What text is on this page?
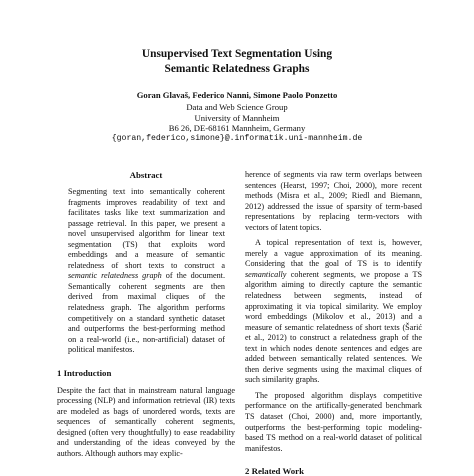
Unsupervised Text Segmentation Using
Semantic Relatedness Graphs
Goran Glavaš, Federico Nanni, Simone Paolo Ponzetto
Data and Web Science Group
University of Mannheim
B6 26, DE-68161 Mannheim, Germany
{goran,federico,simone}@.informatik.uni-mannheim.de
Abstract

Segmenting text into semantically coherent fragments improves readability of text and facilitates tasks like text summarization and passage retrieval. In this paper, we present a novel unsupervised algorithm for linear text segmentation (TS) that exploits word embeddings and a measure of semantic relatedness of short texts to construct a semantic relatedness graph of the document. Semantically coherent segments are then derived from maximal cliques of the relatedness graph. The algorithm performs competitively on a standard synthetic dataset and outperforms the best-performing method on a real-world (i.e., non-artificial) dataset of political manifestos.

1 Introduction

Despite the fact that in mainstream natural language processing (NLP) and information retrieval (IR) texts are modeled as bags of unordered words, texts are sequences of semantically coherent segments, designed (often very thoughtfully) to ease readability and understanding of the ideas conveyed by the authors. Although authors may explic-

herence of segments via raw term overlaps between sentences (Hearst, 1997; Choi, 2000), more recent methods (Misra et al., 2009; Riedl and Biemann, 2012) addressed the issue of sparsity of term-based representations by replacing term-vectors with vectors of latent topics.

A topical representation of text is, however, merely a vague approximation of its meaning. Considering that the goal of TS is to identify semantically coherent segments, we propose a TS algorithm aiming to directly capture the semantic relatedness between segments, instead of approximating it via topical similarity. We employ word embeddings (Mikolov et al., 2013) and a measure of semantic relatedness of short texts (Šarić et al., 2012) to construct a relatedness graph of the text in which nodes denote sentences and edges are added between semantically related sentences. We then derive segments using the maximal cliques of such similarity graphs.

The proposed algorithm displays competitive performance on the artifically-generated benchmark TS dataset (Choi, 2000) and, more importantly, outperforms the best-performing topic modeling-based TS method on a real-world dataset of political manifestos.

2 Related Work
